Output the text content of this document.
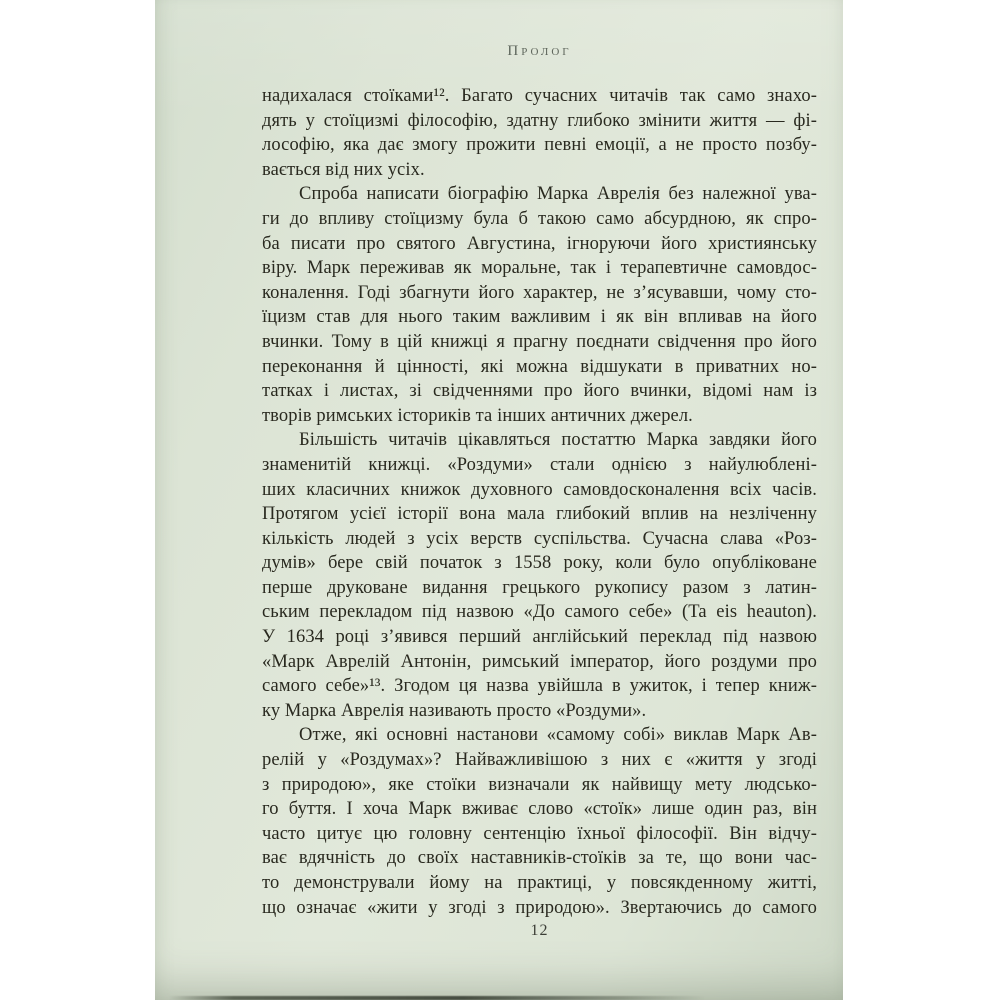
Пролог
надихалася стоїками¹². Багато сучасних читачів так само знахо-
дять у стоїцизмі філософію, здатну глибоко змінити життя — фі-
лософію, яка дає змогу прожити певні емоції, а не просто позбу-
вається від них усіх.
Спроба написати біографію Марка Аврелія без належної ува-
ги до впливу стоїцизму була б такою само абсурдною, як спро-
ба писати про святого Августина, ігноруючи його християнську
віру. Марк переживав як моральне, так і терапевтичне самовдос-
коналення. Годі збагнути його характер, не з’ясувавши, чому сто-
їцизм став для нього таким важливим і як він впливав на його
вчинки. Тому в цій книжці я прагну поєднати свідчення про його
переконання й цінності, які можна відшукати в приватних но-
татках і листах, зі свідченнями про його вчинки, відомі нам із
творів римських істориків та інших античних джерел.
Більшість читачів цікавляться постаттю Марка завдяки його
знаменитій книжці. «Роздуми» стали однією з найулюблені-
ших класичних книжок духовного самовдосконалення всіх часів.
Протягом усієї історії вона мала глибокий вплив на незліченну
кількість людей з усіх верств суспільства. Сучасна слава «Роз-
думів» бере свій початок з 1558 року, коли було опубліковане
перше друковане видання грецького рукопису разом з латин-
ським перекладом під назвою «До самого себе» (Ta eis heauton).
У 1634 році з’явився перший англійський переклад під назвою
«Марк Аврелій Антонін, римський імператор, його роздуми про
самого себе»¹³. Згодом ця назва увійшла в ужиток, і тепер книж-
ку Марка Аврелія називають просто «Роздуми».
Отже, які основні настанови «самому собі» виклав Марк Ав-
релій у «Роздумах»? Найважливішою з них є «життя у згоді
з природою», яке стоїки визначали як найвищу мету людсько-
го буття. І хоча Марк вживає слово «стоїк» лише один раз, він
часто цитує цю головну сентенцію їхньої філософії. Він відчу-
ває вдячність до своїх наставників-стоїків за те, що вони час-
то демонстрували йому на практиці, у повсякденному житті,
що означає «жити у згоді з природою». Звертаючись до самого
12
